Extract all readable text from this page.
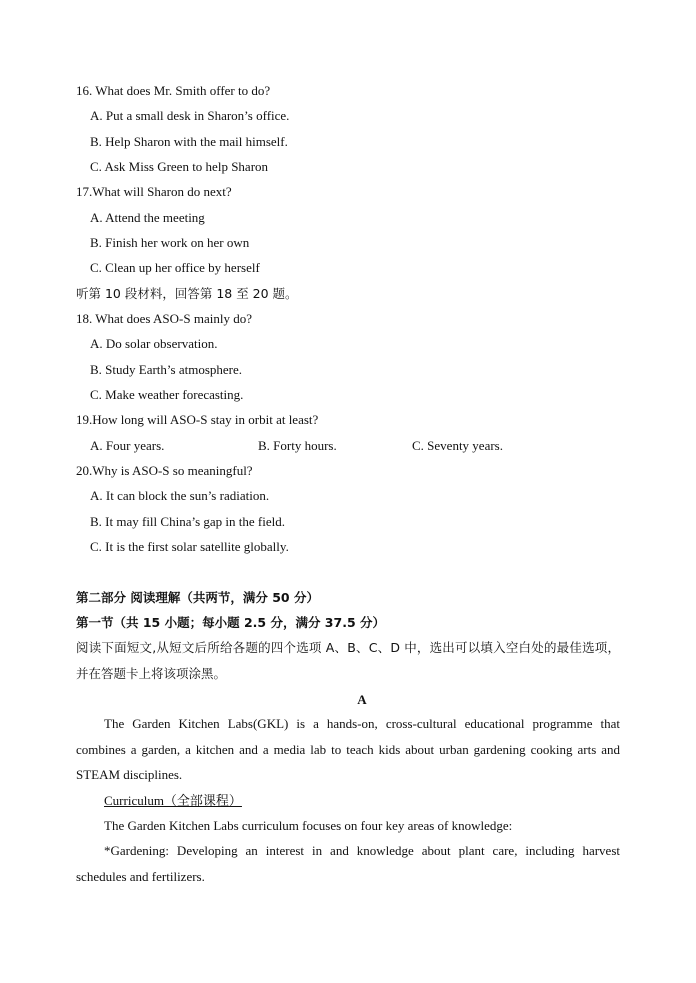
16. What does Mr. Smith offer to do?
A. Put a small desk in Sharon’s office.
B. Help Sharon with the mail himself.
C. Ask Miss Green to help Sharon
17.What will Sharon do next?
A. Attend the meeting
B. Finish her work on her own
C. Clean up her office by herself
听第 10 段材料，回答第 18 至 20 题。
18. What does ASO-S mainly do?
A. Do solar observation.
B. Study Earth’s atmosphere.
C. Make weather forecasting.
19.How long will ASO-S stay in orbit at least?
A. Four years.	B. Forty hours.	C. Seventy years.
20.Why is ASO-S so meaningful?
A. It can block the sun’s radiation.
B. It may fill China’s gap in the field.
C. It is the first solar satellite globally.
第二部分 阅读理解（共两节，满分 50 分）
第一节（共 15 小题；每小题 2.5 分，满分 37.5 分）
阅读下面短文,从短文后所给各题的四个选项 A、B、C、D 中，选出可以填入空白处的最佳选项，并在答题卡上将该项涂黑。
A
The Garden Kitchen Labs(GKL) is a hands-on, cross-cultural educational programme that combines a garden, a kitchen and a media lab to teach kids about urban gardening cooking arts and STEAM disciplines.
Curriculum（全部课程）
The Garden Kitchen Labs curriculum focuses on four key areas of knowledge:
*Gardening: Developing an interest in and knowledge about plant care, including harvest schedules and fertilizers.
